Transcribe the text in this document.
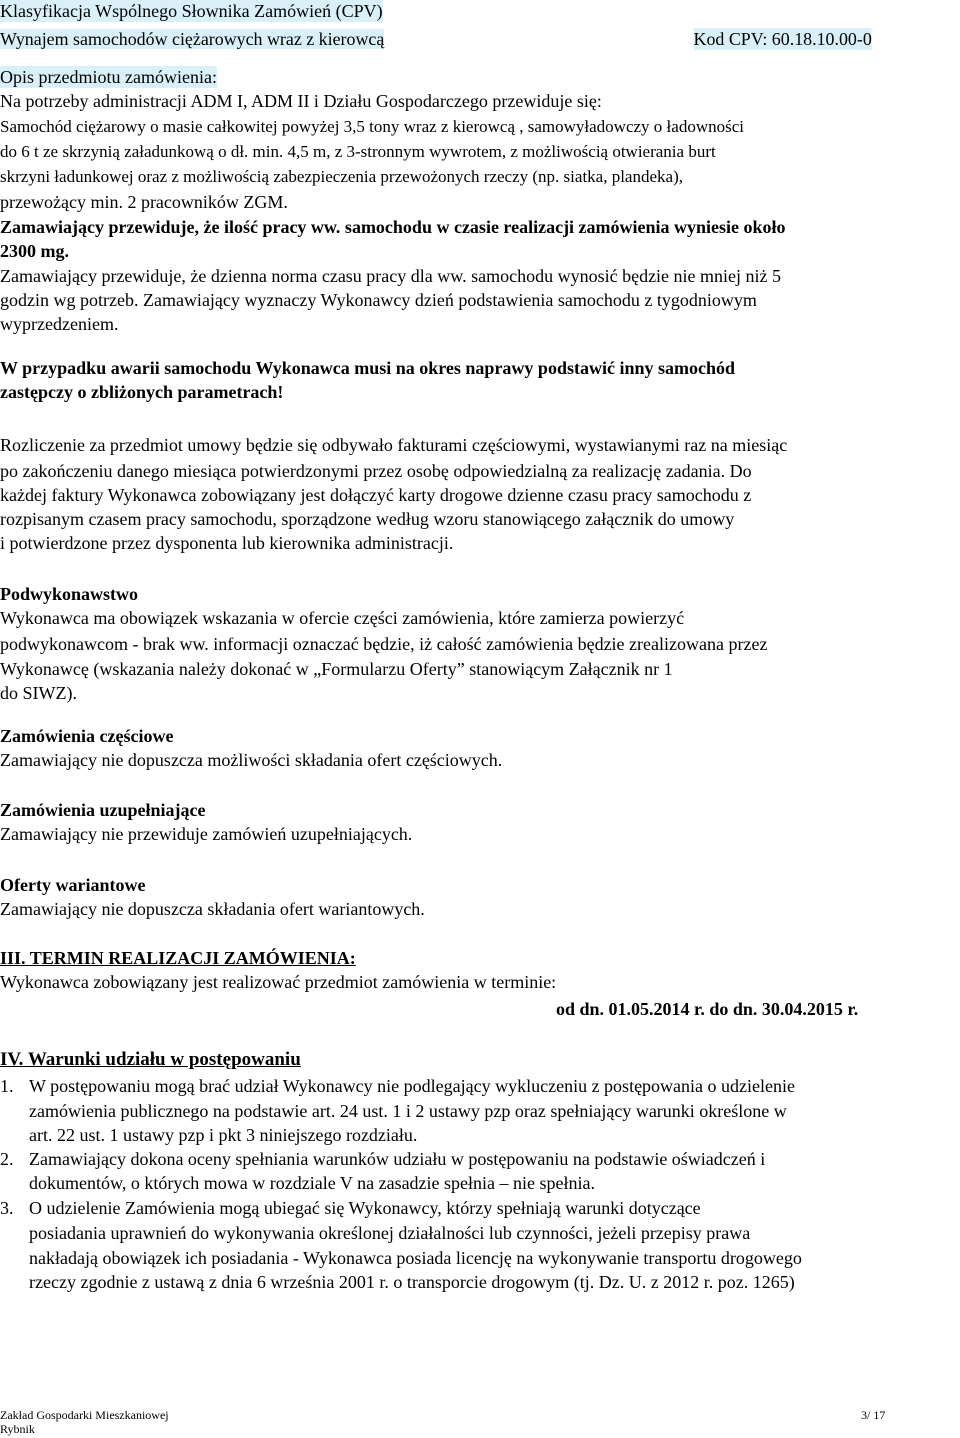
Klasyfikacja Wspólnego Słownika Zamówień (CPV)
Wynajem samochodów ciężarowych wraz z kierowcą	Kod CPV: 60.18.10.00-0
Opis przedmiotu zamówienia:
Na potrzeby administracji ADM I, ADM II i Działu Gospodarczego przewiduje się:
Samochód ciężarowy o masie całkowitej powyżej 3,5 tony wraz z kierowcą , samowyładowczy o ładowności
do 6 t ze skrzynią załadunkową o dł. min. 4,5 m, z 3-stronnym wywrotem, z możliwością otwierania burt
skrzyni ładunkowej oraz z możliwością zabezpieczenia przewożonych rzeczy (np. siatka, plandeka),
przewożący min. 2 pracowników ZGM.
Zamawiający przewiduje, że ilość pracy ww. samochodu w czasie realizacji zamówienia wyniesie około
2300 mg.
Zamawiający przewiduje, że dzienna norma czasu pracy dla ww. samochodu wynosić będzie nie mniej niż 5
godzin wg potrzeb. Zamawiający wyznaczy Wykonawcy dzień podstawienia samochodu z tygodniowym
wyprzedzeniem.
W przypadku awarii samochodu Wykonawca musi na okres naprawy podstawić inny samochód
zastępczy o zbliżonych parametrach!
Rozliczenie za przedmiot umowy będzie się odbywało fakturami częściowymi, wystawianymi raz na miesiąc
po zakończeniu danego miesiąca potwierdzonymi przez osobę odpowiedzialną za realizację zadania. Do
każdej faktury Wykonawca zobowiązany jest dołączyć karty drogowe dzienne czasu pracy samochodu z
rozpisanym czasem pracy samochodu, sporządzone według wzoru stanowiącego załącznik do umowy
i potwierdzone przez dysponenta lub kierownika administracji.
Podwykonawstwo
Wykonawca ma obowiązek wskazania w ofercie części zamówienia, które zamierza powierzyć
podwykonawcom - brak ww. informacji oznaczać będzie, iż całość zamówienia będzie zrealizowana przez
Wykonawcę (wskazania należy dokonać w „Formularzu Oferty” stanowiącym Załącznik nr 1
do SIWZ).
Zamówienia częściowe
Zamawiający nie dopuszcza możliwości składania ofert częściowych.
Zamówienia uzupełniające
Zamawiający nie przewiduje zamówień uzupełniających.
Oferty wariantowe
Zamawiający nie dopuszcza składania ofert wariantowych.
III. TERMIN REALIZACJI ZAMÓWIENIA:
Wykonawca zobowiązany jest realizować przedmiot zamówienia w terminie:
od dn. 01.05.2014 r. do dn. 30.04.2015 r.
IV. Warunki udziału w postępowaniu
1. W postępowaniu mogą brać udział Wykonawcy nie podlegający wykluczeniu z postępowania o udzielenie
zamówienia publicznego na podstawie art. 24 ust. 1 i 2 ustawy pzp oraz spełniający warunki określone w
art. 22 ust. 1 ustawy pzp i pkt 3 niniejszego rozdziału.
2. Zamawiający dokona oceny spełniania warunków udziału w postępowaniu na podstawie oświadczeń i
dokumentów, o których mowa w rozdziale V na zasadzie spełnia – nie spełnia.
3. O udzielenie Zamówienia mogą ubiegać się Wykonawcy, którzy spełniają warunki dotyczące
posiadania uprawnień do wykonywania określonej działalności lub czynności, jeżeli przepisy prawa
nakładają obowiązek ich posiadania - Wykonawca posiada licencję na wykonywanie transportu drogowego
rzeczy zgodnie z ustawą z dnia 6 września 2001 r. o transporcie drogowym (tj. Dz. U. z 2012 r. poz. 1265)
Zakład Gospodarki Mieszkaniowej
Rybnik
3/ 17
